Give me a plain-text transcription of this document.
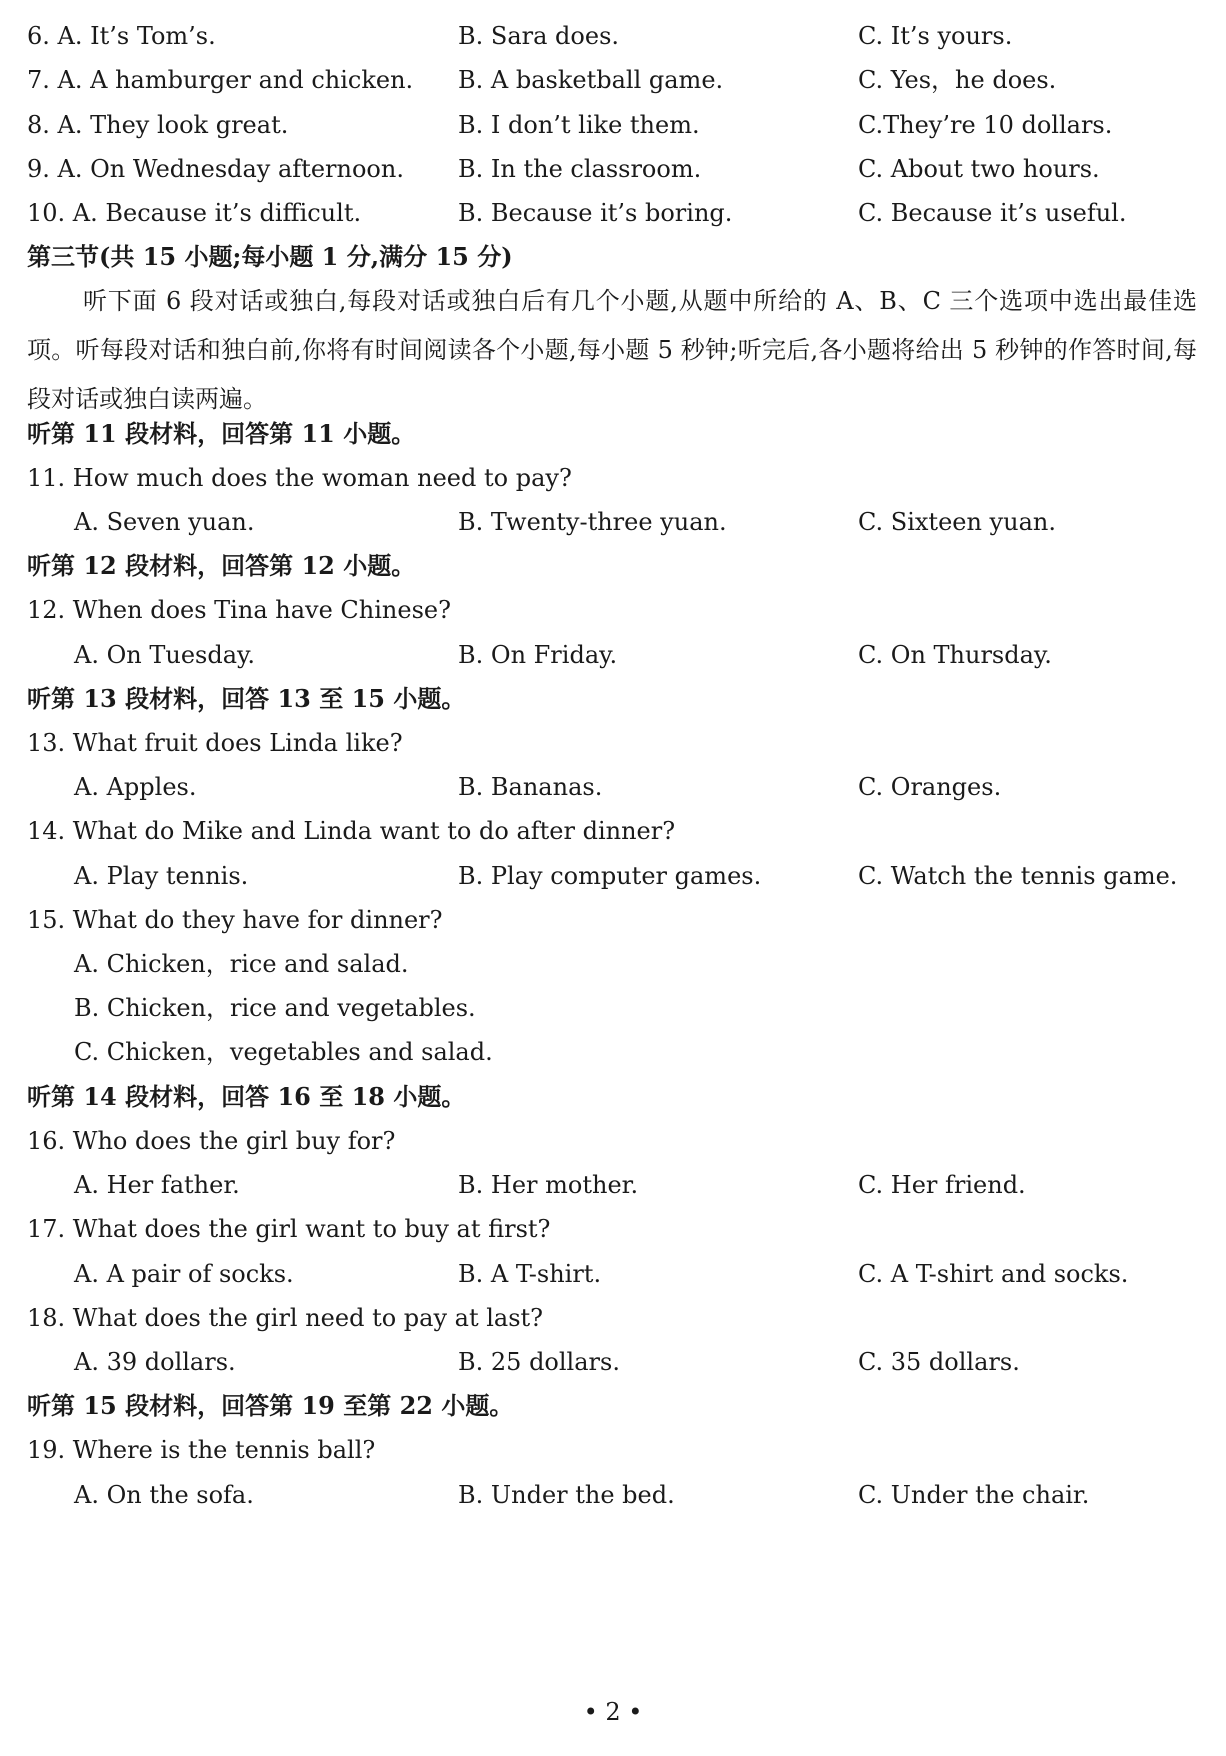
6. A. It’s Tom’s.	B. Sara does.	C. It’s yours.
7. A. A hamburger and chicken. B. A basketball game.	C. Yes，he does.
8. A. They look great.	B. I don’t like them.	C.They’re 10 dollars.
9. A. On Wednesday afternoon. B. In the classroom.	C. About two hours.
10. A. Because it’s difficult.	B. Because it’s boring.	C. Because it’s useful.
第三节(共 15 小题;每小题 1 分,满分 15 分)
听下面 6 段对话或独白,每段对话或独白后有几个小题,从题中所给的 A、B、C 三个选项中选出最佳选项。听每段对话和独白前,你将有时间阅读各个小题,每小题 5 秒钟;听完后,各小题将给出 5 秒钟的作答时间,每段对话或独白读两遍。
听第 11 段材料，回答第 11 小题。
11. How much does the woman need to pay?
A. Seven yuan.	B. Twenty-three yuan.	C. Sixteen yuan.
听第 12 段材料，回答第 12 小题。
12. When does Tina have Chinese?
A. On Tuesday.	B. On Friday.	C. On Thursday.
听第 13 段材料，回答 13 至 15 小题。
13. What fruit does Linda like?
A. Apples.	B. Bananas.	C. Oranges.
14. What do Mike and Linda want to do after dinner?
A. Play tennis.	B. Play computer games.	C. Watch the tennis game.
15. What do they have for dinner?
A. Chicken，rice and salad.
B. Chicken，rice and vegetables.
C. Chicken，vegetables and salad.
听第 14 段材料，回答 16 至 18 小题。
16. Who does the girl buy for?
A. Her father.	B. Her mother.	C. Her friend.
17. What does the girl want to buy at first?
A. A pair of socks.	B. A T-shirt.	C. A T-shirt and socks.
18. What does the girl need to pay at last?
A. 39 dollars.	B. 25 dollars.	C. 35 dollars.
听第 15 段材料，回答第 19 至第 22 小题。
19. Where is the tennis ball?
A. On the sofa.	B. Under the bed.	C. Under the chair.
• 2 •
